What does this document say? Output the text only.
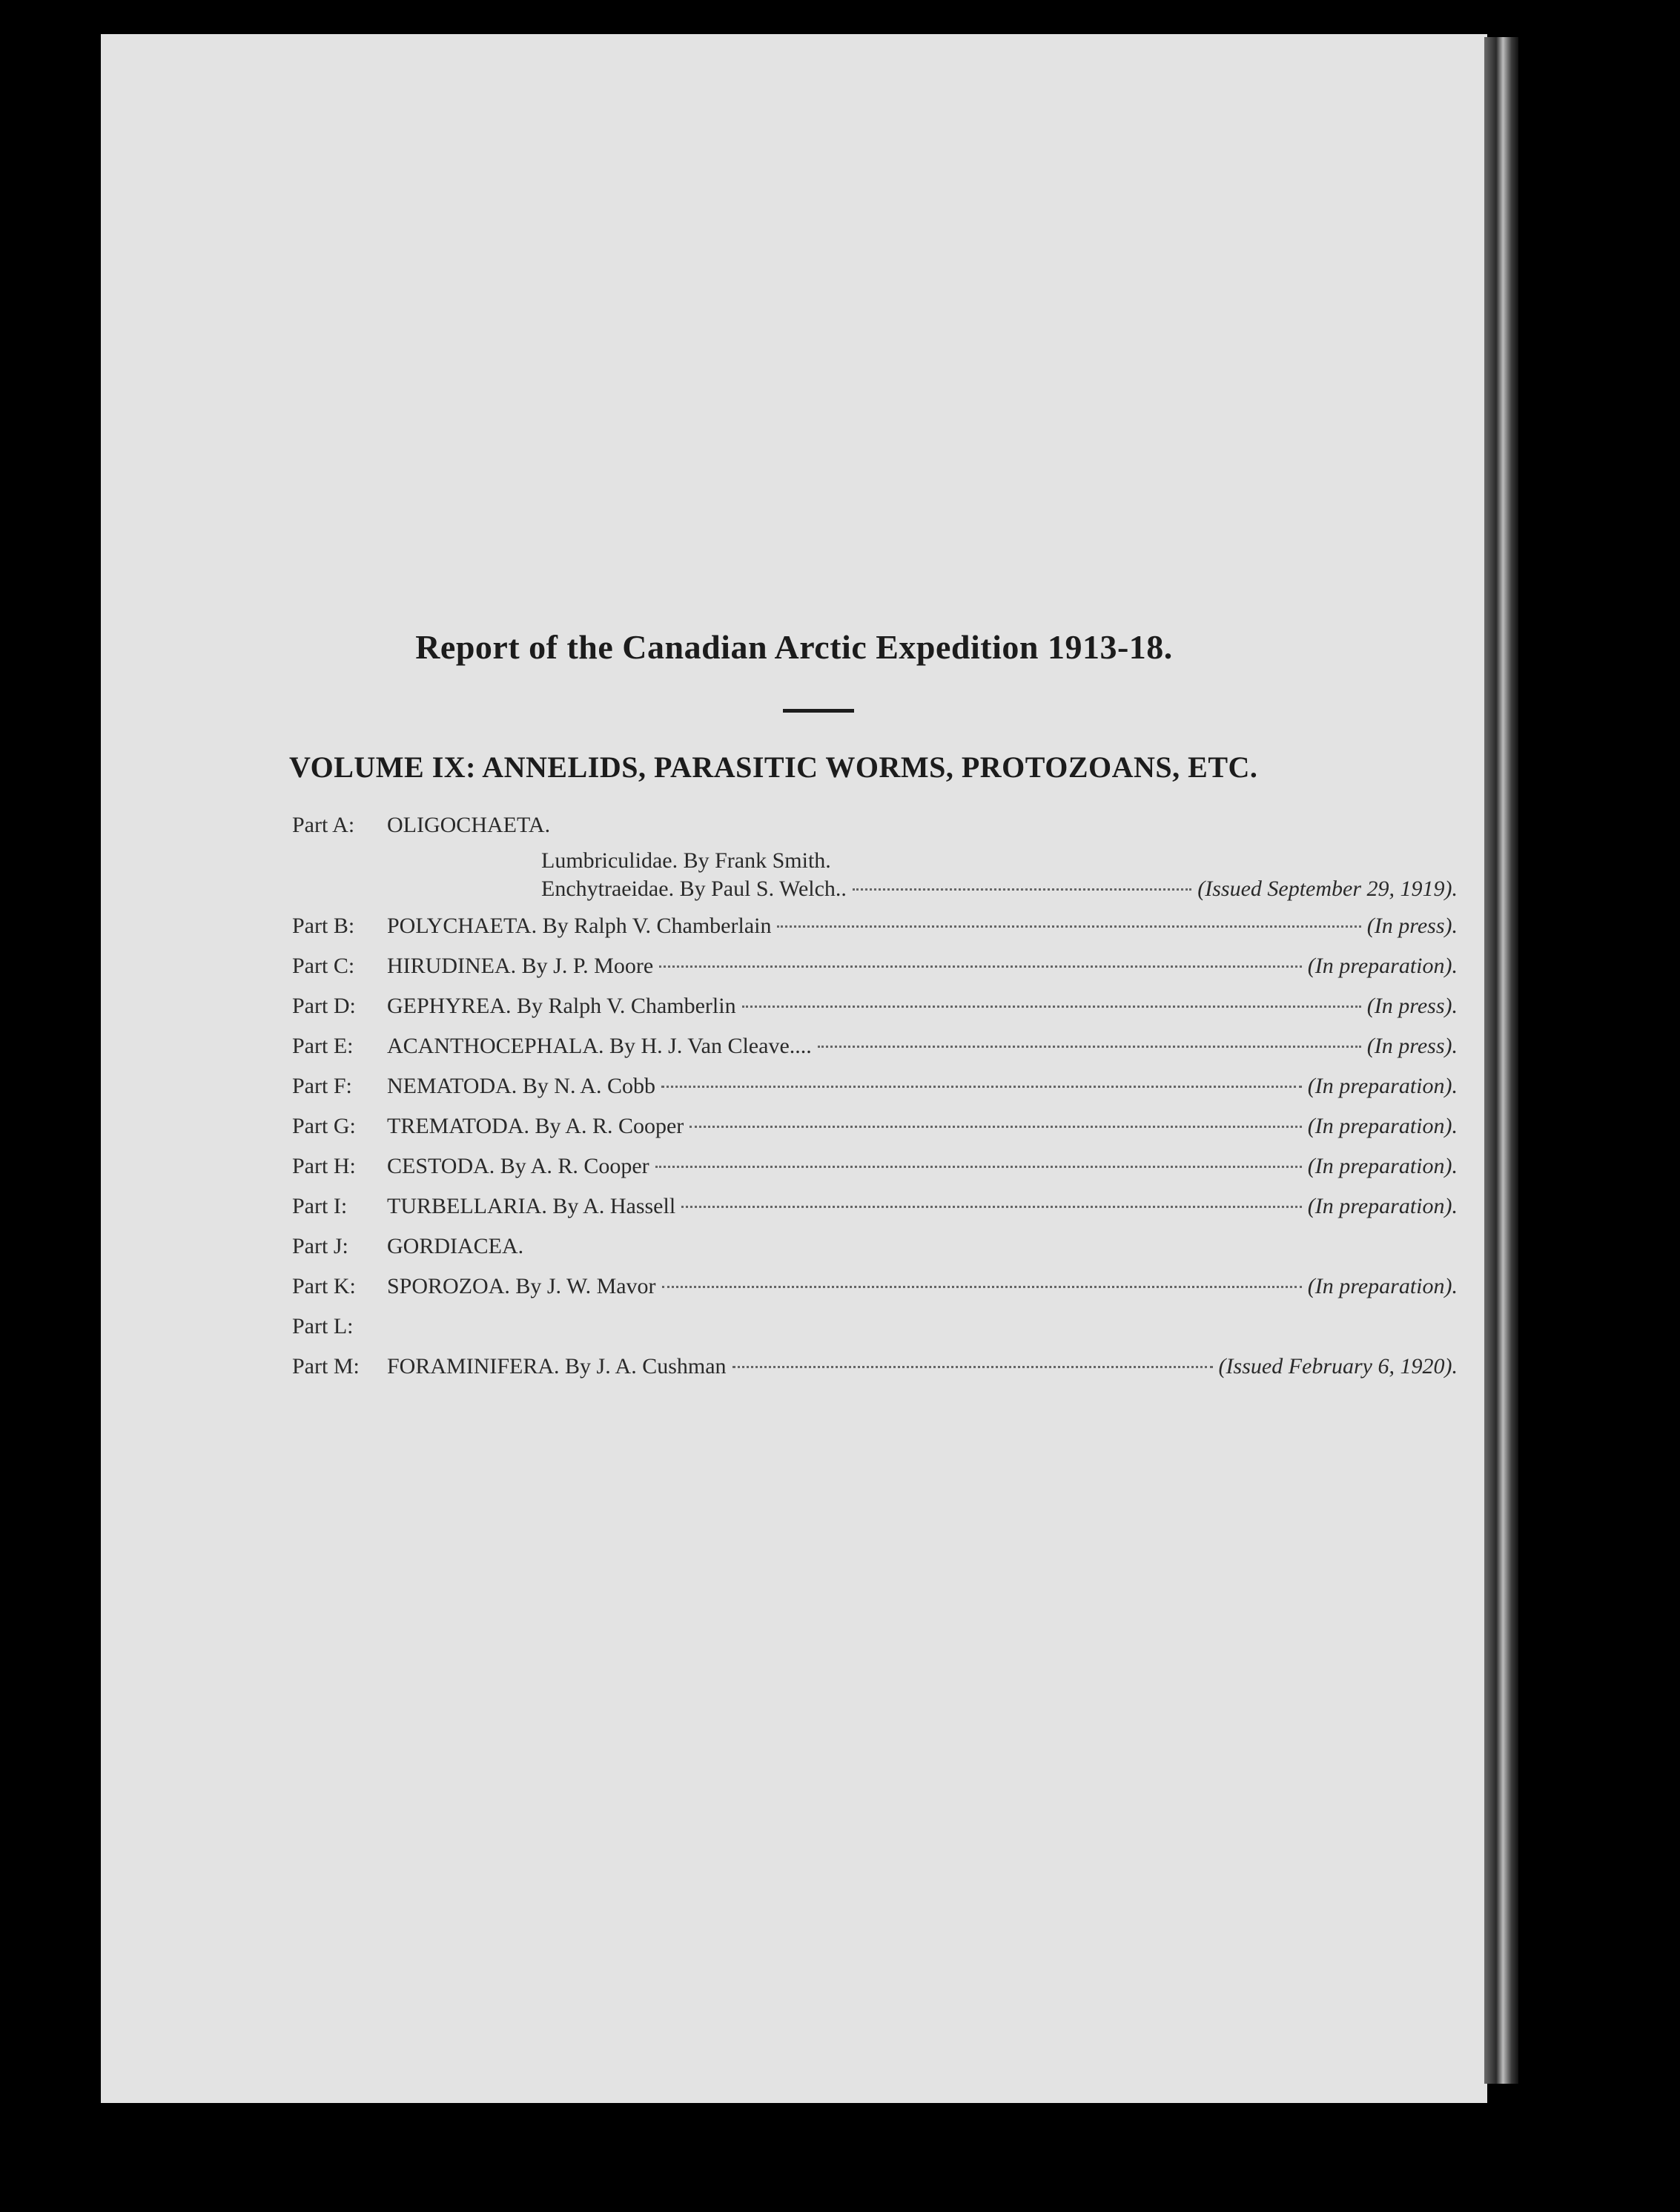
Report of the Canadian Arctic Expedition 1913-18.
VOLUME IX: ANNELIDS, PARASITIC WORMS, PROTOZOANS, ETC.
Part A:	OLIGOCHAETA.
Lumbriculidae. By Frank Smith.
Enchytraeidae. By Paul S. Welch..	(Issued September 29, 1919).
Part B:	POLYCHAETA. By Ralph V. Chamberlain	(In press).
Part C:	HIRUDINEA. By J. P. Moore	(In preparation).
Part D:	GEPHYREA. By Ralph V. Chamberlin	(In press).
Part E:	ACANTHOCEPHALA. By H. J. Van Cleave....	(In press).
Part F:	NEMATODA. By N. A. Cobb	(In preparation).
Part G:	TREMATODA. By A. R. Cooper	(In preparation).
Part H:	CESTODA. By A. R. Cooper	(In preparation).
Part I:	TURBELLARIA. By A. Hassell	(In preparation).
Part J:	GORDIACEA.
Part K:	SPOROZOA. By J. W. Mavor	(In preparation).
Part L:
Part M:	FORAMINIFERA. By J. A. Cushman	(Issued February 6, 1920).
